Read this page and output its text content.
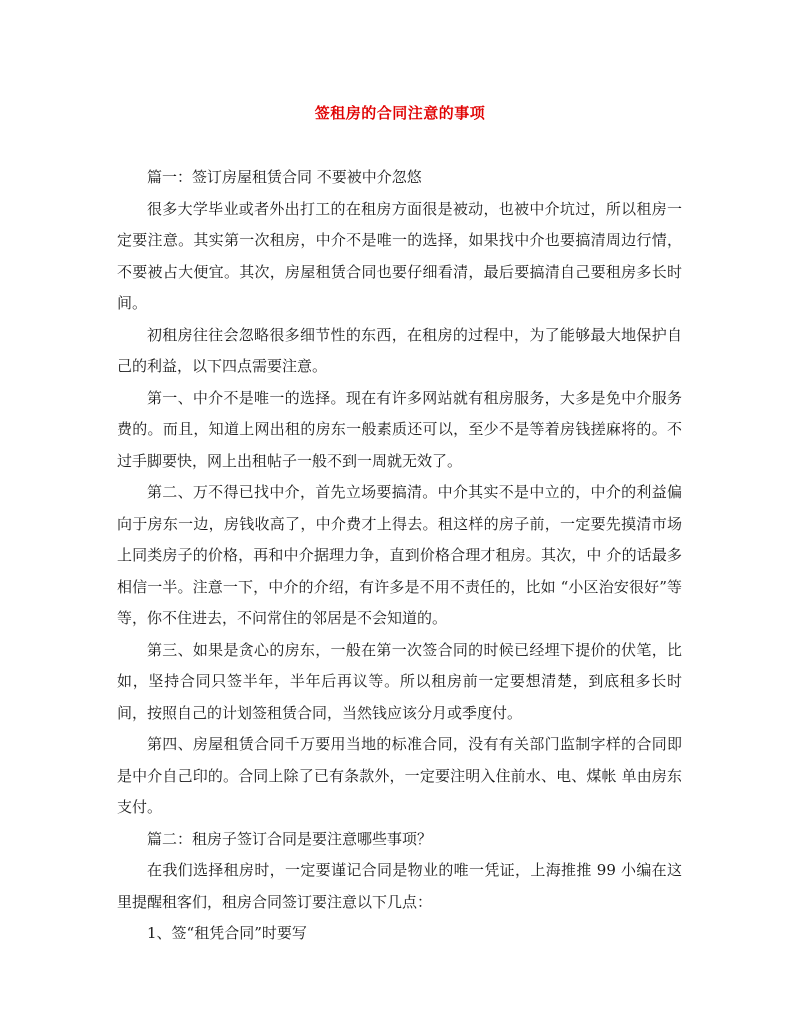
签租房的合同注意的事项

篇一：签订房屋租赁合同 不要被中介忽悠

很多大学毕业或者外出打工的在租房方面很是被动，也被中介坑过，所以租房一定要注意。其实第一次租房，中介不是唯一的选择，如果找中介也要搞清周边行情，不要被占大便宜。其次，房屋租赁合同也要仔细看清，最后要搞清自己要租房多长时间。

初租房往往会忽略很多细节性的东西，在租房的过程中，为了能够最大地保护自己的利益，以下四点需要注意。

第一、中介不是唯一的选择。现在有许多网站就有租房服务，大多是免中介服务费的。而且，知道上网出租的房东一般素质还可以，至少不是等着房钱搓麻将的。不过手脚要快，网上出租帖子一般不到一周就无效了。

第二、万不得已找中介，首先立场要搞清。中介其实不是中立的，中介的利益偏向于房东一边，房钱收高了，中介费才上得去。租这样的房子前，一定要先摸清市场上同类房子的价格，再和中介据理力争，直到价格合理才租房。其次，中 介的话最多相信一半。注意一下，中介的介绍，有许多是不用不责任的，比如 “小区治安很好”等等，你不住进去，不问常住的邻居是不会知道的。

第三、如果是贪心的房东，一般在第一次签合同的时候已经埋下提价的伏笔，比如，坚持合同只签半年，半年后再议等。所以租房前一定要想清楚，到底租多长时间，按照自己的计划签租赁合同，当然钱应该分月或季度付。

第四、房屋租赁合同千万要用当地的标准合同，没有有关部门监制字样的合同即是中介自己印的。合同上除了已有条款外，一定要注明入住前水、电、煤帐 单由房东支付。

篇二：租房子签订合同是要注意哪些事项？

在我们选择租房时，一定要谨记合同是物业的唯一凭证，上海推推 99 小编在这里提醒租客们，租房合同签订要注意以下几点：

1、签“租凭合同”时要写
